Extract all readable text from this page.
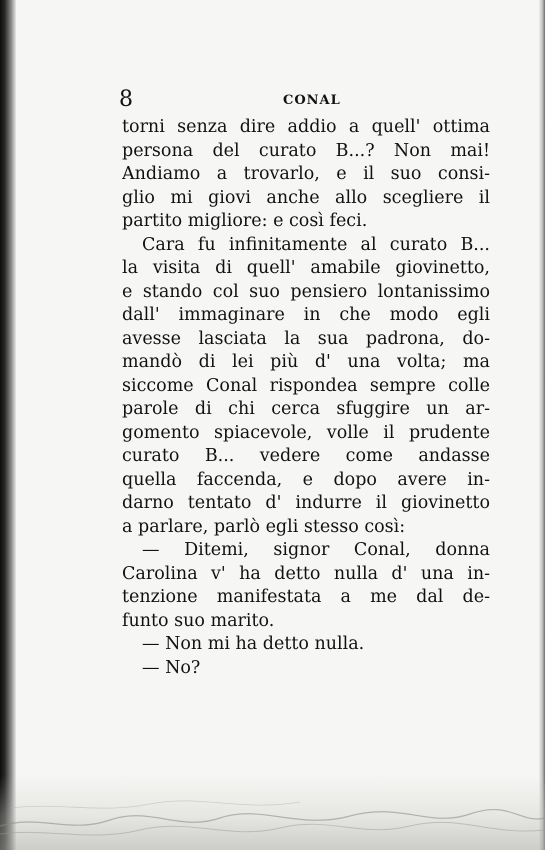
8	CONAL
torni senza dire addio a quell' ottima
persona del curato B...? Non mai!
Andiamo a trovarlo, e il suo consi-
glio mi giovi anche allo scegliere il
partito migliore: e così feci.
Cara fu infinitamente al curato B...
la visita di quell' amabile giovinetto,
e stando col suo pensiero lontanissimo
dall' immaginare in che modo egli
avesse lasciata la sua padrona, do-
mandò di lei più d' una volta; ma
siccome Conal rispondea sempre colle
parole di chi cerca sfuggire un ar-
gomento spiacevole, volle il prudente
curato B... vedere come andasse
quella faccenda, e dopo avere in-
darno tentato d' indurre il giovinetto
a parlare, parlò egli stesso così:
— Ditemi, signor Conal, donna
Carolina v' ha detto nulla d' una in-
tenzione manifestata a me dal de-
funto suo marito.
— Non mi ha detto nulla.
— No?
